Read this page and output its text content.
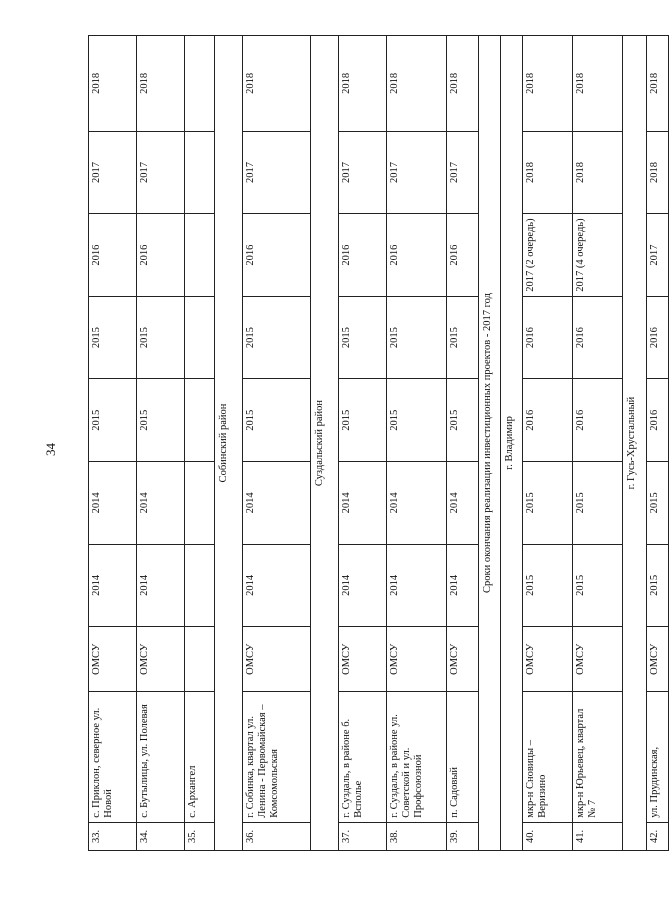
34
33.	с. Приклон, северное ул. Новой	ОМСУ	2014	2014	2015	2015	2016	2017	2018
34.	с. Бутылицы, ул. Полевая	ОМСУ	2014	2014	2015	2015	2016	2017	2018
35.	с. Архангел								
Собинский район									
36.	г. Собинка, квартал ул. Ленина - Первомайская – Комсомольская	ОМСУ	2014	2014	2015	2015	2016	2017	2018
Суздальский район									
37.	г. Суздаль, в районе б. Всполье	ОМСУ	2014	2014	2015	2015	2016	2017	2018
38.	г. Суздаль, в районе ул. Советской и ул. Профсоюзной	ОМСУ	2014	2014	2015	2015	2016	2017	2018
39.	п. Садовый	ОМСУ	2014	2014	2015	2015	2016	2017	2018
Сроки окончания реализации инвестиционных проектов - 2017 год									
г. Владимир									
40.	мкр-н Сновицы – Веризино	ОМСУ	2015	2015	2016	2016	2017 (2 очередь)	2018	2018
41.	мкр-н Юрьевец, квартал № 7	ОМСУ	2015	2015	2016	2016	2017 (4 очередь)	2018	2018
г. Гусь-Хрустальный									
42.	ул. Прудинская,	ОМСУ	2015	2015	2016	2016	2017	2018	2018
